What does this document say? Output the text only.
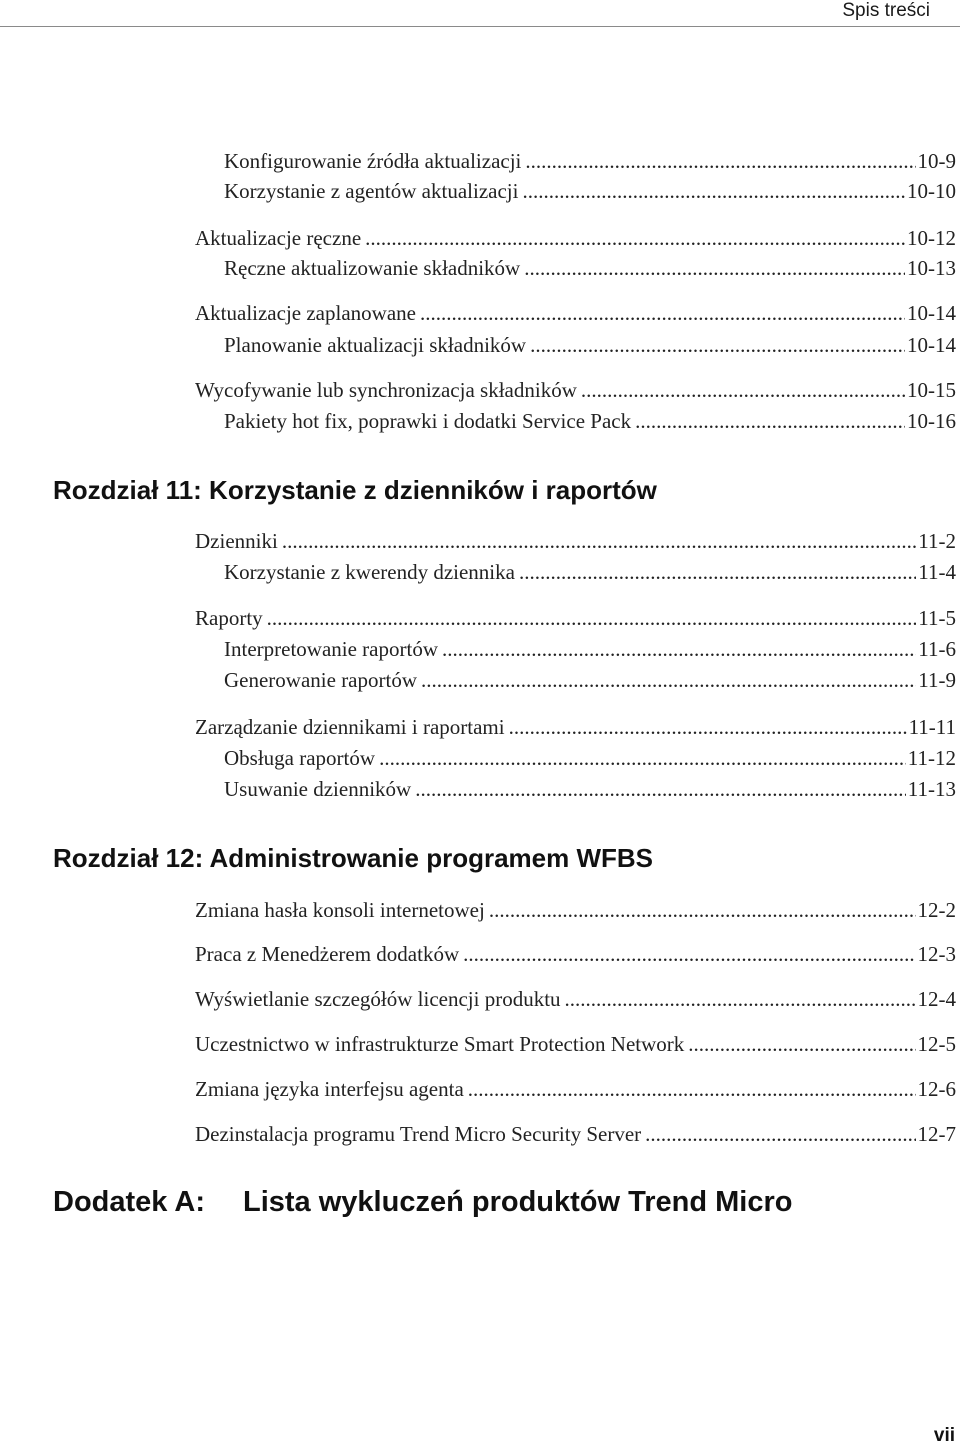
Spis treści
Konfigurowanie źródła aktualizacji .....	10-9
Korzystanie z agentów aktualizacji .....	10-10
Aktualizacje ręczne .....	10-12
Ręczne aktualizowanie składników .....	10-13
Aktualizacje zaplanowane .....	10-14
Planowanie aktualizacji składników .....	10-14
Wycofywanie lub synchronizacja składników .....	10-15
Pakiety hot fix, poprawki i dodatki Service Pack .....	10-16
Rozdział 11: Korzystanie z dzienników i raportów
Dzienniki .....	11-2
Korzystanie z kwerendy dziennika .....	11-4
Raporty .....	11-5
Interpretowanie raportów .....	11-6
Generowanie raportów .....	11-9
Zarządzanie dziennikami i raportami .....	11-11
Obsługa raportów .....	11-12
Usuwanie dzienników .....	11-13
Rozdział 12: Administrowanie programem WFBS
Zmiana hasła konsoli internetowej .....	12-2
Praca z Menedżerem dodatków .....	12-3
Wyświetlanie szczegółów licencji produktu .....	12-4
Uczestnictwo w infrastrukturze Smart Protection Network .....	12-5
Zmiana języka interfejsu agenta .....	12-6
Dezinstalacja programu Trend Micro Security Server .....	12-7
Dodatek A: Lista wykluczeń produktów Trend Micro
vii
